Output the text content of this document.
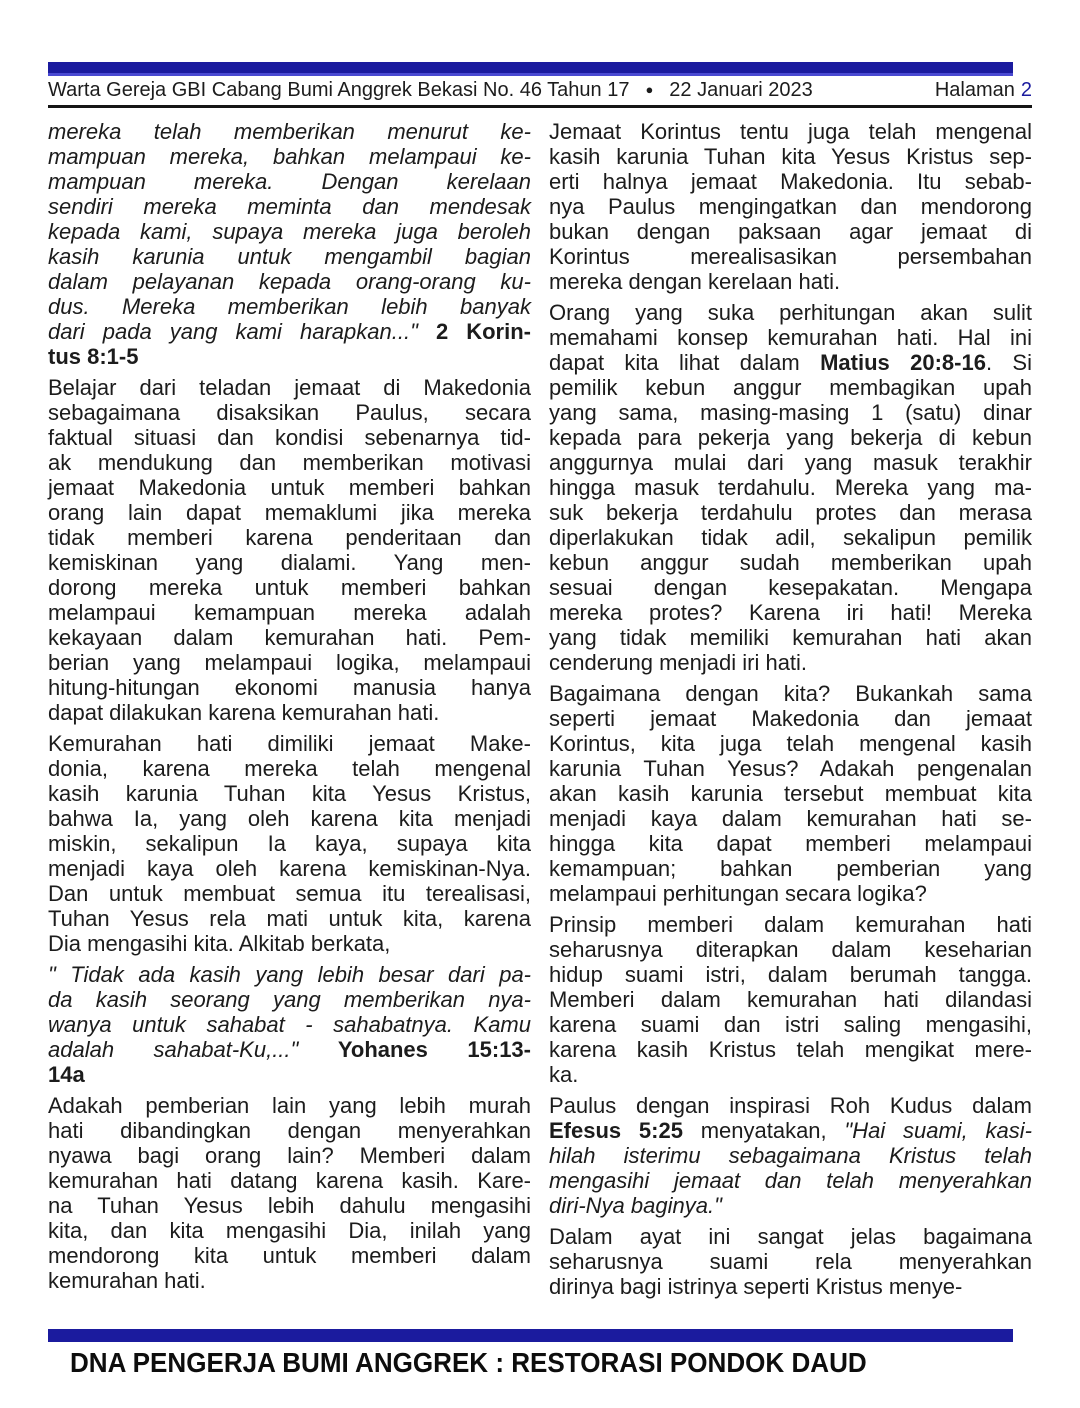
Warta Gereja GBI Cabang Bumi Anggrek Bekasi No. 46 Tahun 17 ● 22 Januari 2023	Halaman 2
mereka telah memberikan menurut ke-
mampuan mereka, bahkan melampaui ke-
mampuan mereka. Dengan kerelaan
sendiri mereka meminta dan mendesak
kepada kami, supaya mereka juga beroleh
kasih karunia untuk mengambil bagian
dalam pelayanan kepada orang-orang ku-
dus. Mereka memberikan lebih banyak
dari pada yang kami harapkan..." 2 Korin-
tus 8:1-5
Belajar dari teladan jemaat di Makedonia
sebagaimana disaksikan Paulus, secara
faktual situasi dan kondisi sebenarnya tid-
ak mendukung dan memberikan motivasi
jemaat Makedonia untuk memberi bahkan
orang lain dapat memaklumi jika mereka
tidak memberi karena penderitaan dan
kemiskinan yang dialami. Yang men-
dorong mereka untuk memberi bahkan
melampaui kemampuan mereka adalah
kekayaan dalam kemurahan hati. Pem-
berian yang melampaui logika, melampaui
hitung-hitungan ekonomi manusia hanya
dapat dilakukan karena kemurahan hati.
Kemurahan hati dimiliki jemaat Make-
donia, karena mereka telah mengenal
kasih karunia Tuhan kita Yesus Kristus,
bahwa Ia, yang oleh karena kita menjadi
miskin, sekalipun Ia kaya, supaya kita
menjadi kaya oleh karena kemiskinan-Nya.
Dan untuk membuat semua itu terealisasi,
Tuhan Yesus rela mati untuk kita, karena
Dia mengasihi kita. Alkitab berkata,
" Tidak ada kasih yang lebih besar dari pa-
da kasih seorang yang memberikan nya-
wanya untuk sahabat - sahabatnya. Kamu
adalah sahabat-Ku,..." Yohanes 15:13-
14a
Adakah pemberian lain yang lebih murah
hati dibandingkan dengan menyerahkan
nyawa bagi orang lain? Memberi dalam
kemurahan hati datang karena kasih. Kare-
na Tuhan Yesus lebih dahulu mengasihi
kita, dan kita mengasihi Dia, inilah yang
mendorong kita untuk memberi dalam
kemurahan hati.
Jemaat Korintus tentu juga telah mengenal
kasih karunia Tuhan kita Yesus Kristus sep-
erti halnya jemaat Makedonia. Itu sebab-
nya Paulus mengingatkan dan mendorong
bukan dengan paksaan agar jemaat di
Korintus merealisasikan persembahan
mereka dengan kerelaan hati.
Orang yang suka perhitungan akan sulit
memahami konsep kemurahan hati. Hal ini
dapat kita lihat dalam Matius 20:8-16. Si
pemilik kebun anggur membagikan upah
yang sama, masing-masing 1 (satu) dinar
kepada para pekerja yang bekerja di kebun
anggurnya mulai dari yang masuk terakhir
hingga masuk terdahulu. Mereka yang ma-
suk bekerja terdahulu protes dan merasa
diperlakukan tidak adil, sekalipun pemilik
kebun anggur sudah memberikan upah
sesuai dengan kesepakatan. Mengapa
mereka protes? Karena iri hati! Mereka
yang tidak memiliki kemurahan hati akan
cenderung menjadi iri hati.
Bagaimana dengan kita? Bukankah sama
seperti jemaat Makedonia dan jemaat
Korintus, kita juga telah mengenal kasih
karunia Tuhan Yesus? Adakah pengenalan
akan kasih karunia tersebut membuat kita
menjadi kaya dalam kemurahan hati se-
hingga kita dapat memberi melampaui
kemampuan; bahkan pemberian yang
melampaui perhitungan secara logika?
Prinsip memberi dalam kemurahan hati
seharusnya diterapkan dalam keseharian
hidup suami istri, dalam berumah tangga.
Memberi dalam kemurahan hati dilandasi
karena suami dan istri saling mengasihi,
karena kasih Kristus telah mengikat mere-
ka.
Paulus dengan inspirasi Roh Kudus dalam
Efesus 5:25 menyatakan, "Hai suami, kasi-
hilah isterimu sebagaimana Kristus telah
mengasihi jemaat dan telah menyerahkan
diri-Nya baginya."
Dalam ayat ini sangat jelas bagaimana
seharusnya suami rela menyerahkan
dirinya bagi istrinya seperti Kristus menye-
DNA PENGERJA BUMI ANGGREK : RESTORASI PONDOK DAUD
